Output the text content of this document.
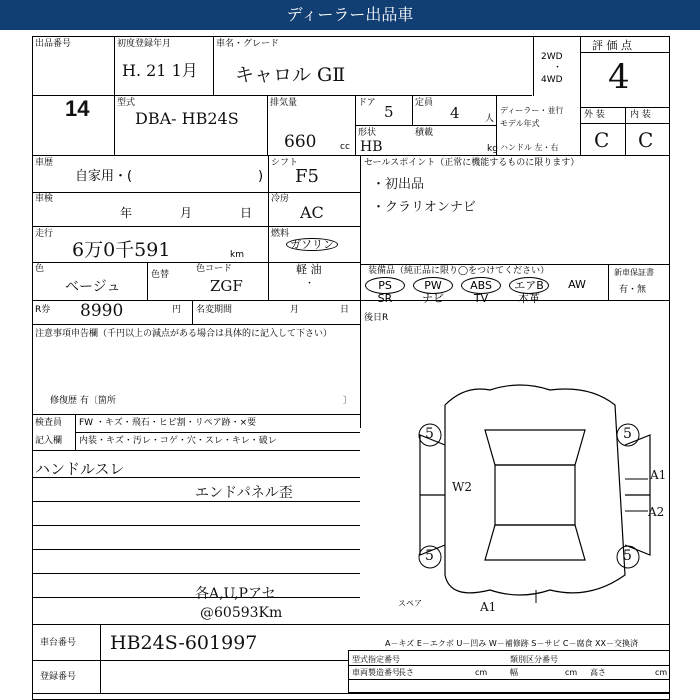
ディーラー出品車
出品番号
14
初度登録年月
H. 21 1月
車名・グレード
キャロル GⅡ
2WD
・
4WD
評 価 点
4
外 装	内 装
C C
型式
DBA- HB24S
排気量
660	cc
ドア 5 定員
4	人
形状
HB
積載
kg
ディーラー・並行
モデル年式
ハンドル 左・右
車歴
自家用・(	)
シフト
F5
車検
年	月	日
冷房
AC
走行
6万0千591	km
燃料
ガソリン
軽 油
・
色
ベージュ
色替
色コード
ZGF
R券 8990	円 名変期間	月	日
セールスポイント（正常に機能するものに限ります）
・初出品
・クラリオンナビ
装備品（純正品に限り◯をつけてください）	新車保証書
有・無
PS	PW	ABS	エアB	AW
SR	ナビ	TV	本革
後日R
注意事項申告欄（千円以上の減点がある場合は具体的に記入して下さい）
修復歴 有〔箇所	〕
検査員
記入欄
FW ・キズ・飛石・ヒビ割・リペア跡・×要
内装・キズ・汚レ・コゲ・穴・スレ・キレ・破レ
ハンドルスレ
エンドパネル歪
各A,U,Pアセ
@60593Km
5	5
5	5
W2
A1
A2
A1
スペア
A－キズ E－エクボ U－凹み W－補修跡 S－サビ C－腐食 XX－交換済
車台番号 HB24S-601997
登録番号
型式指定番号	類別区分番号
車両製造番号
長さ	cm	幅	cm 高さ	cm
